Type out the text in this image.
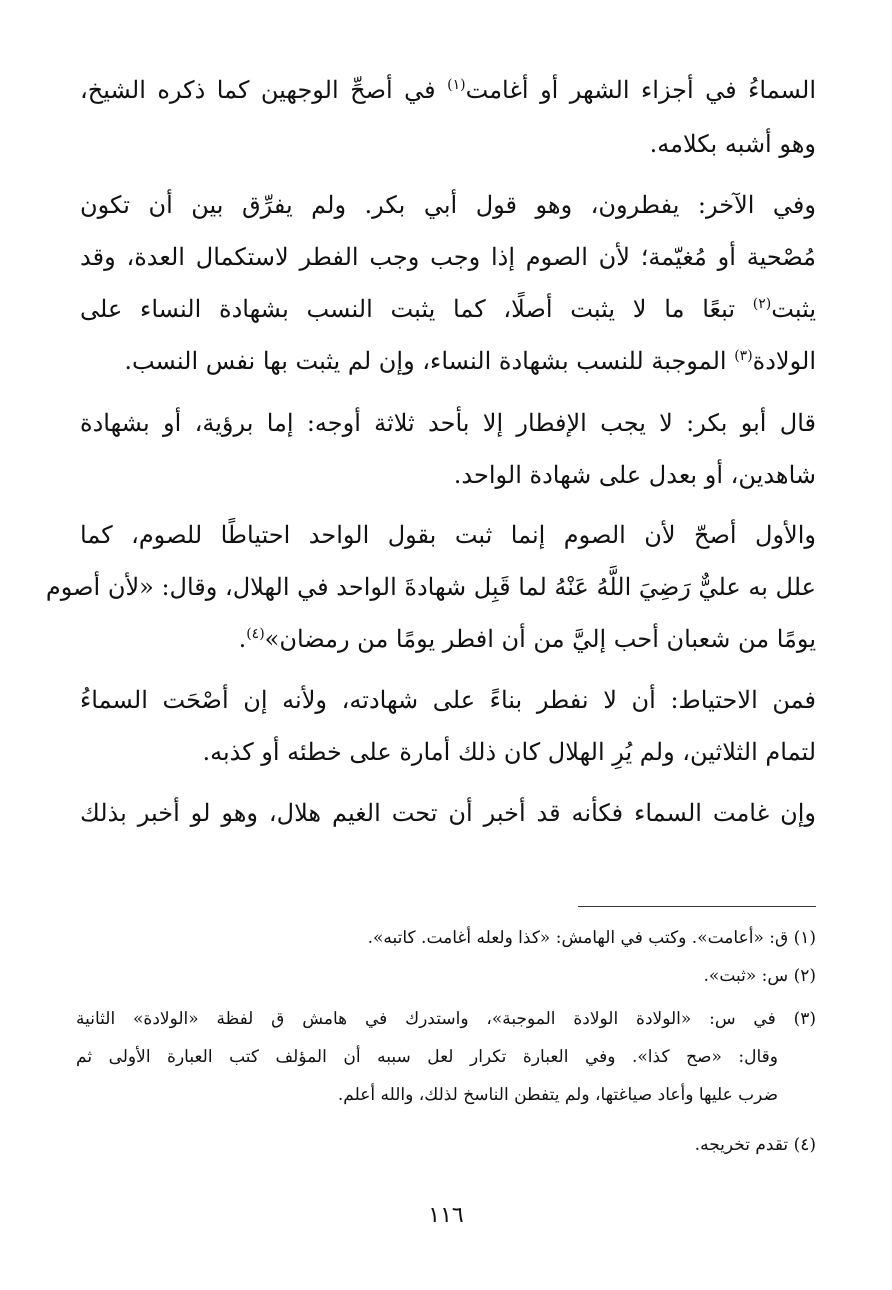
السماءُ في أجزاء الشهر أو أغامت$^{(١)}$ في أصحِّ الوجهين كما ذكره الشيخ،
وهو أشبه بكلامه.
وفي الآخر: يفطرون، وهو قول أبي بكر. ولم يفرِّق بين أن تكون
مُصْحية أو مُغيّمة؛ لأن الصوم إذا وجب وجب الفطر لاستكمال العدة، وقد
يثبت$^{(٢)}$ تبعًا ما لا يثبت أصلًا، كما يثبت النسب بشهادة النساء على
الولادة$^{(٣)}$ الموجبة للنسب بشهادة النساء، وإن لم يثبت بها نفس النسب.
قال أبو بكر: لا يجب الإفطار إلا بأحد ثلاثة أوجه: إما برؤية، أو بشهادة
شاهدين، أو بعدل على شهادة الواحد.
والأول أصحّ لأن الصوم إنما ثبت بقول الواحد احتياطًا للصوم، كما
علل به عليٌّ رَضِيَ اللَّهُ عَنْهُ لما قَبِل شهادةَ الواحد في الهلال، وقال: «لأن أصوم
يومًا من شعبان أحب إليَّ من أن افطر يومًا من رمضان»$^{(٤)}$.
فمن الاحتياط: أن لا نفطر بناءً على شهادته، ولأنه إن أصْحَت السماءُ
لتمام الثلاثين، ولم يُرِ الهلال كان ذلك أمارة على خطئه أو كذبه.
وإن غامت السماء فكأنه قد أخبر أن تحت الغيم هلال، وهو لو أخبر بذلك
(١) ق: «أعامت». وكتب في الهامش: «كذا ولعله أغامت. كاتبه».
(٢) س: «ثبت».
(٣) في س: «الولادة الولادة الموجبة»، واستدرك في هامش ق لفظة «الولادة» الثانية
وقال: «صح كذا». وفي العبارة تكرار لعل سببه أن المؤلف كتب العبارة الأولى ثم
ضرب عليها وأعاد صياغتها، ولم يتفطن الناسخ لذلك، والله أعلم.
(٤) تقدم تخريجه.
١١٦
